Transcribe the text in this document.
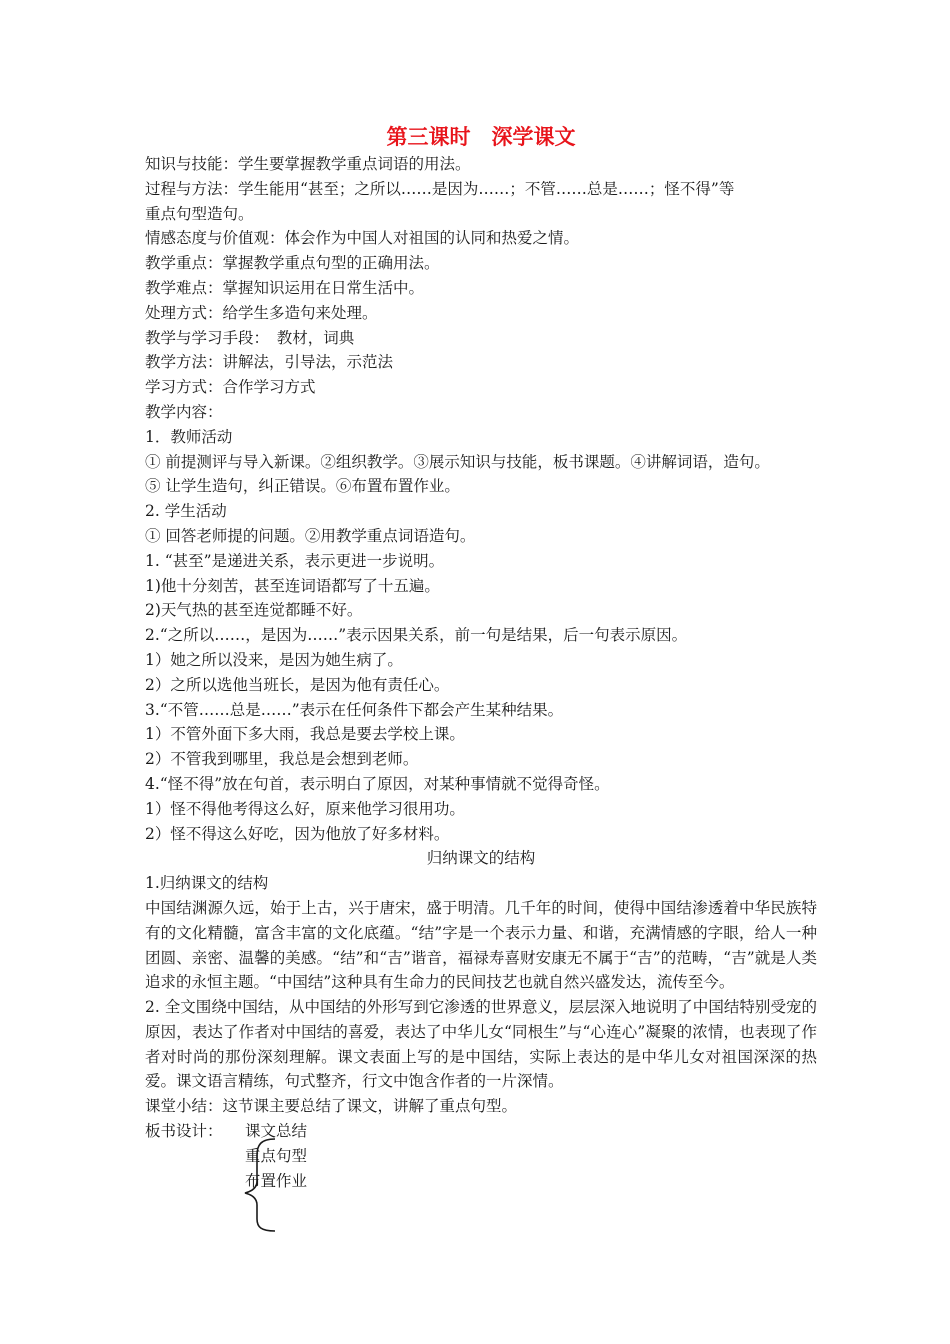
第三课时　深学课文

知识与技能：学生要掌握教学重点词语的用法。

过程与方法：学生能用“甚至；之所以……是因为……；不管……总是……；怪不得”等

重点句型造句。

情感态度与价值观：体会作为中国人对祖国的认同和热爱之情。

教学重点：掌握教学重点句型的正确用法。

教学难点：掌握知识运用在日常生活中。

处理方式：给学生多造句来处理。

教学与学习手段：　教材，词典

教学方法：讲解法，引导法，示范法

学习方式：合作学习方式

教学内容：

1．教师活动

① 前提测评与导入新课。②组织教学。③展示知识与技能，板书课题。④讲解词语，造句。

⑤ 让学生造句，纠正错误。⑥布置布置作业。

2. 学生活动

① 回答老师提的问题。②用教学重点词语造句。

1. “甚至”是递进关系，表示更进一步说明。

1)他十分刻苦，甚至连词语都写了十五遍。

2)天气热的甚至连觉都睡不好。

2.“之所以……，是因为……”表示因果关系，前一句是结果，后一句表示原因。

1）她之所以没来，是因为她生病了。

2）之所以选他当班长，是因为他有责任心。

3.“不管……总是……”表示在任何条件下都会产生某种结果。

1）不管外面下多大雨，我总是要去学校上课。

2）不管我到哪里，我总是会想到老师。

4.“怪不得”放在句首，表示明白了原因，对某种事情就不觉得奇怪。

1）怪不得他考得这么好，原来他学习很用功。

2）怪不得这么好吃，因为他放了好多材料。

归纳课文的结构

1.归纳课文的结构

中国结渊源久远，始于上古，兴于唐宋，盛于明清。几千年的时间，使得中国结渗透着中华民族特有的文化精髓，富含丰富的文化底蕴。“结”字是一个表示力量、和谐，充满情感的字眼，给人一种团圆、亲密、温馨的美感。“结”和“吉”谐音，福禄寿喜财安康无不属于“吉”的范畴，“吉”就是人类追求的永恒主题。“中国结”这种具有生命力的民间技艺也就自然兴盛发达，流传至今。

2. 全文围绕中国结，从中国结的外形写到它渗透的世界意义，层层深入地说明了中国结特别受宠的原因，表达了作者对中国结的喜爱，表达了中华儿女“同根生”与“心连心”凝聚的浓情，也表现了作者对时尚的那份深刻理解。课文表面上写的是中国结，实际上表达的是中华儿女对祖国深深的热爱。课文语言精练，句式整齐，行文中饱含作者的一片深情。

课堂小结：这节课主要总结了课文，讲解了重点句型。

板书设计： 课文总结
重点句型
布置作业
